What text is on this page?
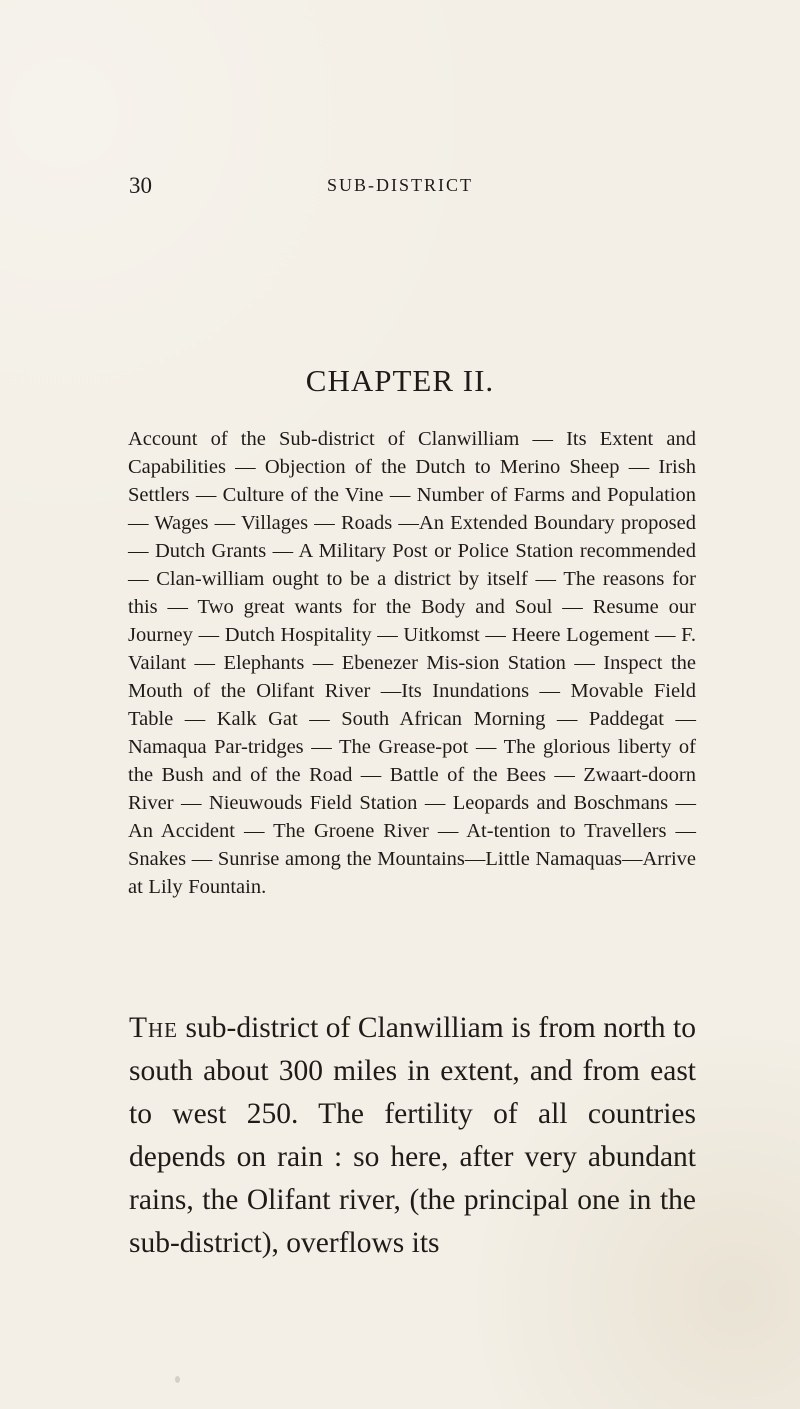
30	SUB-DISTRICT
CHAPTER II.
Account of the Sub-district of Clanwilliam — Its Extent and Capabilities — Objection of the Dutch to Merino Sheep — Irish Settlers — Culture of the Vine — Number of Farms and Population — Wages — Villages — Roads —An Extended Boundary proposed — Dutch Grants — A Military Post or Police Station recommended — Clan-william ought to be a district by itself — The reasons for this — Two great wants for the Body and Soul — Resume our Journey — Dutch Hospitality — Uitkomst — Heere Logement — F. Vailant — Elephants — Ebenezer Mis-sion Station — Inspect the Mouth of the Olifant River —Its Inundations — Movable Field Table — Kalk Gat — South African Morning — Paddegat — Namaqua Par-tridges — The Grease-pot — The glorious liberty of the Bush and of the Road — Battle of the Bees — Zwaart-doorn River — Nieuwouds Field Station — Leopards and Boschmans — An Accident — The Groene River — At-tention to Travellers — Snakes — Sunrise among the Mountains—Little Namaquas—Arrive at Lily Fountain.
The sub-district of Clanwilliam is from north to south about 300 miles in extent, and from east to west 250. The fertility of all countries depends on rain : so here, after very abundant rains, the Olifant river, (the principal one in the sub-district), overflows its
